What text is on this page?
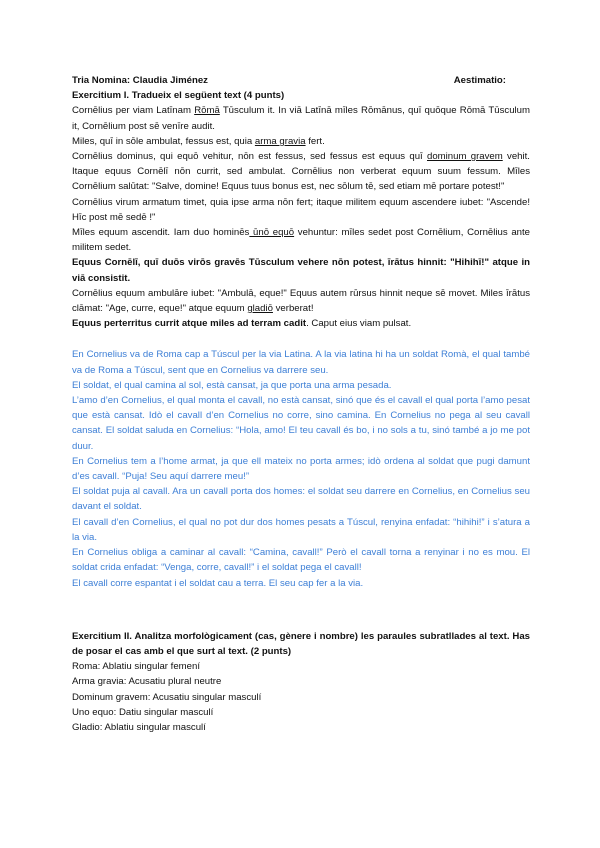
Tria Nomina: Claudia Jiménez	Aestimatio:
Exercitium I. Tradueix el següent text (4 punts)

Cornēlius per viam Latīnam Rōmā Tūsculum it. In viā Latīnā mīles Rōmānus, quī quōque Rōmā Tūsculum it, Cornēlium post sē venīre audit.

Miles, quī in sōle ambulat, fessus est, quia arma gravia fert.

Cornēlius dominus, qui equō vehitur, nōn est fessus, sed fessus est equus quī dominum gravem vehit. Itaque equus Cornēlī nōn currit, sed ambulat. Cornēlius non verberat equum suum fessum. Mīles Cornēlium salūtat: "Salve, domine! Equus tuus bonus est, nec sōlum tē, sed etiam mē portare potest!"

Cornēlius virum armatum timet, quia ipse arma nōn fert; itaque militem equum ascendere iubet: "Ascende! Hīc post mē sedē !"

Mīles equum ascendit. Iam duo hominēs ūnō equō vehuntur: mīles sedet post Cornēlium, Cornēlius ante militem sedet.

Equus Cornēlī, quī duōs virōs gravēs Tūsculum vehere nōn potest, īrātus hinnit: "Hihihī!" atque in viā consistit.

Cornēlius equum ambulāre iubet: "Ambulā, eque!" Equus autem rūrsus hinnit neque sē movet. Miles īrātus clāmat: "Age, curre, eque!" atque equum gladiō verberat!

Equus perterritus currit atque miles ad terram cadit. Caput eius viam pulsat.

En Cornelius va de Roma cap a Túscul per la via Latina. A la via latina hi ha un soldat Romà, el qual també va de Roma a Túscul, sent que en Cornelius va darrere seu.

El soldat, el qual camina al sol, està cansat, ja que porta una arma pesada.

L’amo d’en Cornelius, el qual monta el cavall, no està cansat, sinó que és el cavall el qual porta l’amo pesat que està cansat. Idò el cavall d’en Cornelius no corre, sino camina. En Cornelius no pega al seu cavall cansat. El soldat saluda en Cornelius: “Hola, amo! El teu cavall és bo, i no sols a tu, sinó també a jo me pot duur.

En Cornelius tem a l’home armat, ja que ell mateix no porta armes; idò ordena al soldat que pugi damunt d’es cavall. “Puja! Seu aquí darrere meu!”

El soldat puja al cavall. Ara un cavall porta dos homes: el soldat seu darrere en Cornelius, en Cornelius seu davant el soldat.

El cavall d’en Cornelius, el qual no pot dur dos homes pesats a Túscul, renyina enfadat: “hihihi!” i s’atura a la via.

En Cornelius obliga a caminar al cavall: “Camina, cavall!” Però el cavall torna a renyinar i no es mou. El soldat crida enfadat: “Venga, corre, cavall!” i el soldat pega el cavall!

El cavall corre espantat i el soldat cau a terra. El seu cap fer a la via.

Exercitium II. Analitza morfològicament (cas, gènere i nombre) les paraules subratllades al text. Has de posar el cas amb el que surt al text. (2 punts)

Roma: Ablatiu singular femení

Arma gravia: Acusatiu plural neutre

Dominum gravem: Acusatiu singular masculí

Uno equo: Datiu singular masculí

Gladio: Ablatiu singular masculí
